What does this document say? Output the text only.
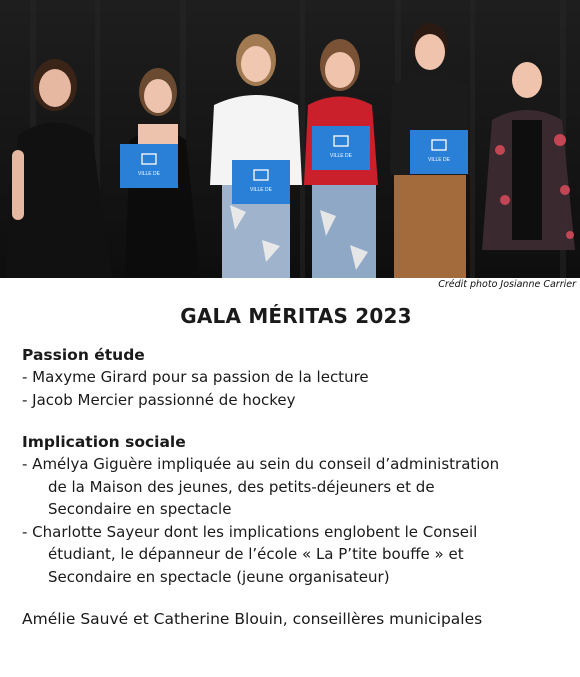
VILLE DE
VILLE DE
VILLE DE
VILLE DE
Crédit photo Josianne Carrier
GALA MÉRITAS 2023
Passion étude
- Maxyme Girard pour sa passion de la lecture
- Jacob Mercier passionné de hockey
Implication sociale
- Amélya Giguère impliquée au sein du conseil d’administration
de la Maison des jeunes, des petits-déjeuners et de
Secondaire en spectacle
- Charlotte Sayeur dont les implications englobent le Conseil
étudiant, le dépanneur de l’école « La P’tite bouffe » et
Secondaire en spectacle (jeune organisateur)
Amélie Sauvé et Catherine Blouin, conseillères municipales
